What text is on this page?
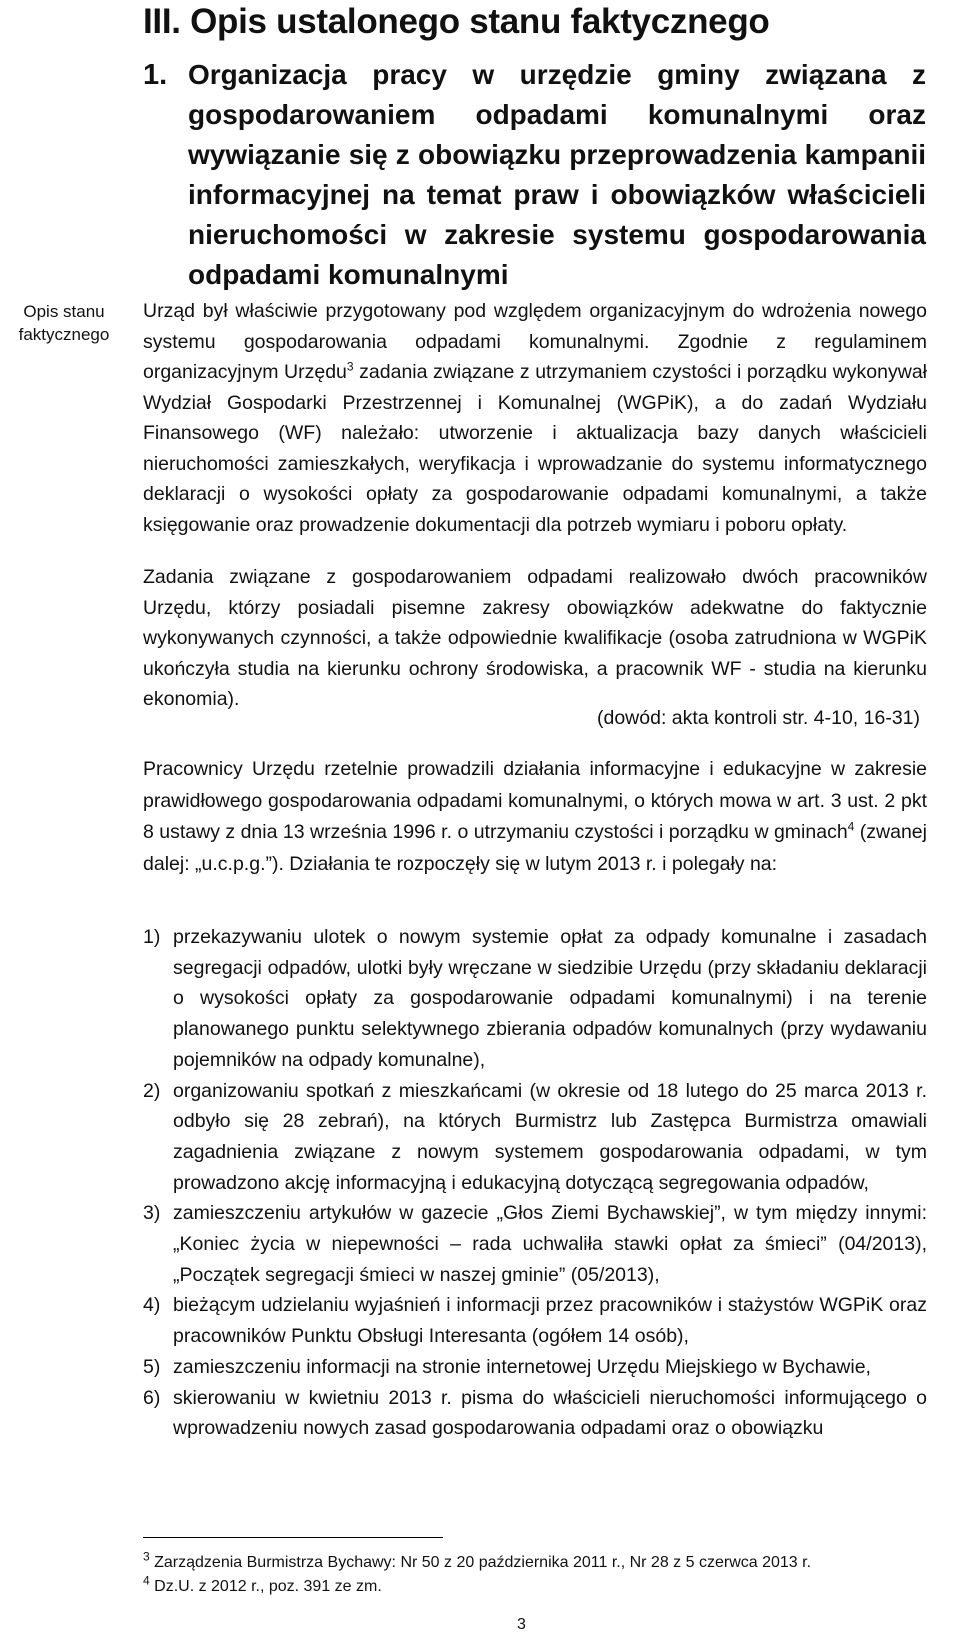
III. Opis ustalonego stanu faktycznego
1. Organizacja pracy w urzędzie gminy związana z gospodarowaniem odpadami komunalnymi oraz wywiązanie się z obowiązku przeprowadzenia kampanii informacyjnej na temat praw i obowiązków właścicieli nieruchomości w zakresie systemu gospodarowania odpadami komunalnymi

Opis stanu faktycznego

Urząd był właściwie przygotowany pod względem organizacyjnym do wdrożenia nowego systemu gospodarowania odpadami komunalnymi. Zgodnie z regulaminem organizacyjnym Urzędu$^3$ zadania związane z utrzymaniem czystości i porządku wykonywał Wydział Gospodarki Przestrzennej i Komunalnej (WGPiK), a do zadań Wydziału Finansowego (WF) należało: utworzenie i aktualizacja bazy danych właścicieli nieruchomości zamieszkałych, weryfikacja i wprowadzanie do systemu informatycznego deklaracji o wysokości opłaty za gospodarowanie odpadami komunalnymi, a także księgowanie oraz prowadzenie dokumentacji dla potrzeb wymiaru i poboru opłaty.

Zadania związane z gospodarowaniem odpadami realizowało dwóch pracowników Urzędu, którzy posiadali pisemne zakresy obowiązków adekwatne do faktycznie wykonywanych czynności, a także odpowiednie kwalifikacje (osoba zatrudniona w WGPiK ukończyła studia na kierunku ochrony środowiska, a pracownik WF - studia na kierunku ekonomia).

(dowód: akta kontroli str. 4-10, 16-31)

Pracownicy Urzędu rzetelnie prowadzili działania informacyjne i edukacyjne w zakresie prawidłowego gospodarowania odpadami komunalnymi, o których mowa w art. 3 ust. 2 pkt 8 ustawy z dnia 13 września 1996 r. o utrzymaniu czystości i porządku w gminach$^4$ (zwanej dalej: „u.c.p.g.”). Działania te rozpoczęły się w lutym 2013 r. i polegały na:

1) przekazywaniu ulotek o nowym systemie opłat za odpady komunalne i zasadach segregacji odpadów, ulotki były wręczane w siedzibie Urzędu (przy składaniu deklaracji o wysokości opłaty za gospodarowanie odpadami komunalnymi) i na terenie planowanego punktu selektywnego zbierania odpadów komunalnych (przy wydawaniu pojemników na odpady komunalne),
2) organizowaniu spotkań z mieszkańcami (w okresie od 18 lutego do 25 marca 2013 r. odbyło się 28 zebrań), na których Burmistrz lub Zastępca Burmistrza omawiali zagadnienia związane z nowym systemem gospodarowania odpadami, w tym prowadzono akcję informacyjną i edukacyjną dotyczącą segregowania odpadów,
3) zamieszczeniu artykułów w gazecie „Głos Ziemi Bychawskiej”, w tym między innymi: „Koniec życia w niepewności – rada uchwaliła stawki opłat za śmieci” (04/2013), „Początek segregacji śmieci w naszej gminie” (05/2013),
4) bieżącym udzielaniu wyjaśnień i informacji przez pracowników i stażystów WGPiK oraz pracowników Punktu Obsługi Interesanta (ogółem 14 osób),
5) zamieszczeniu informacji na stronie internetowej Urzędu Miejskiego w Bychawie,
6) skierowaniu w kwietniu 2013 r. pisma do właścicieli nieruchomości informującego o wprowadzeniu nowych zasad gospodarowania odpadami oraz o obowiązku
$^3$ Zarządzenia Burmistrza Bychawy: Nr 50 z 20 października 2011 r., Nr 28 z 5 czerwca 2013 r.
$^4$ Dz.U. z 2012 r., poz. 391 ze zm.
3
